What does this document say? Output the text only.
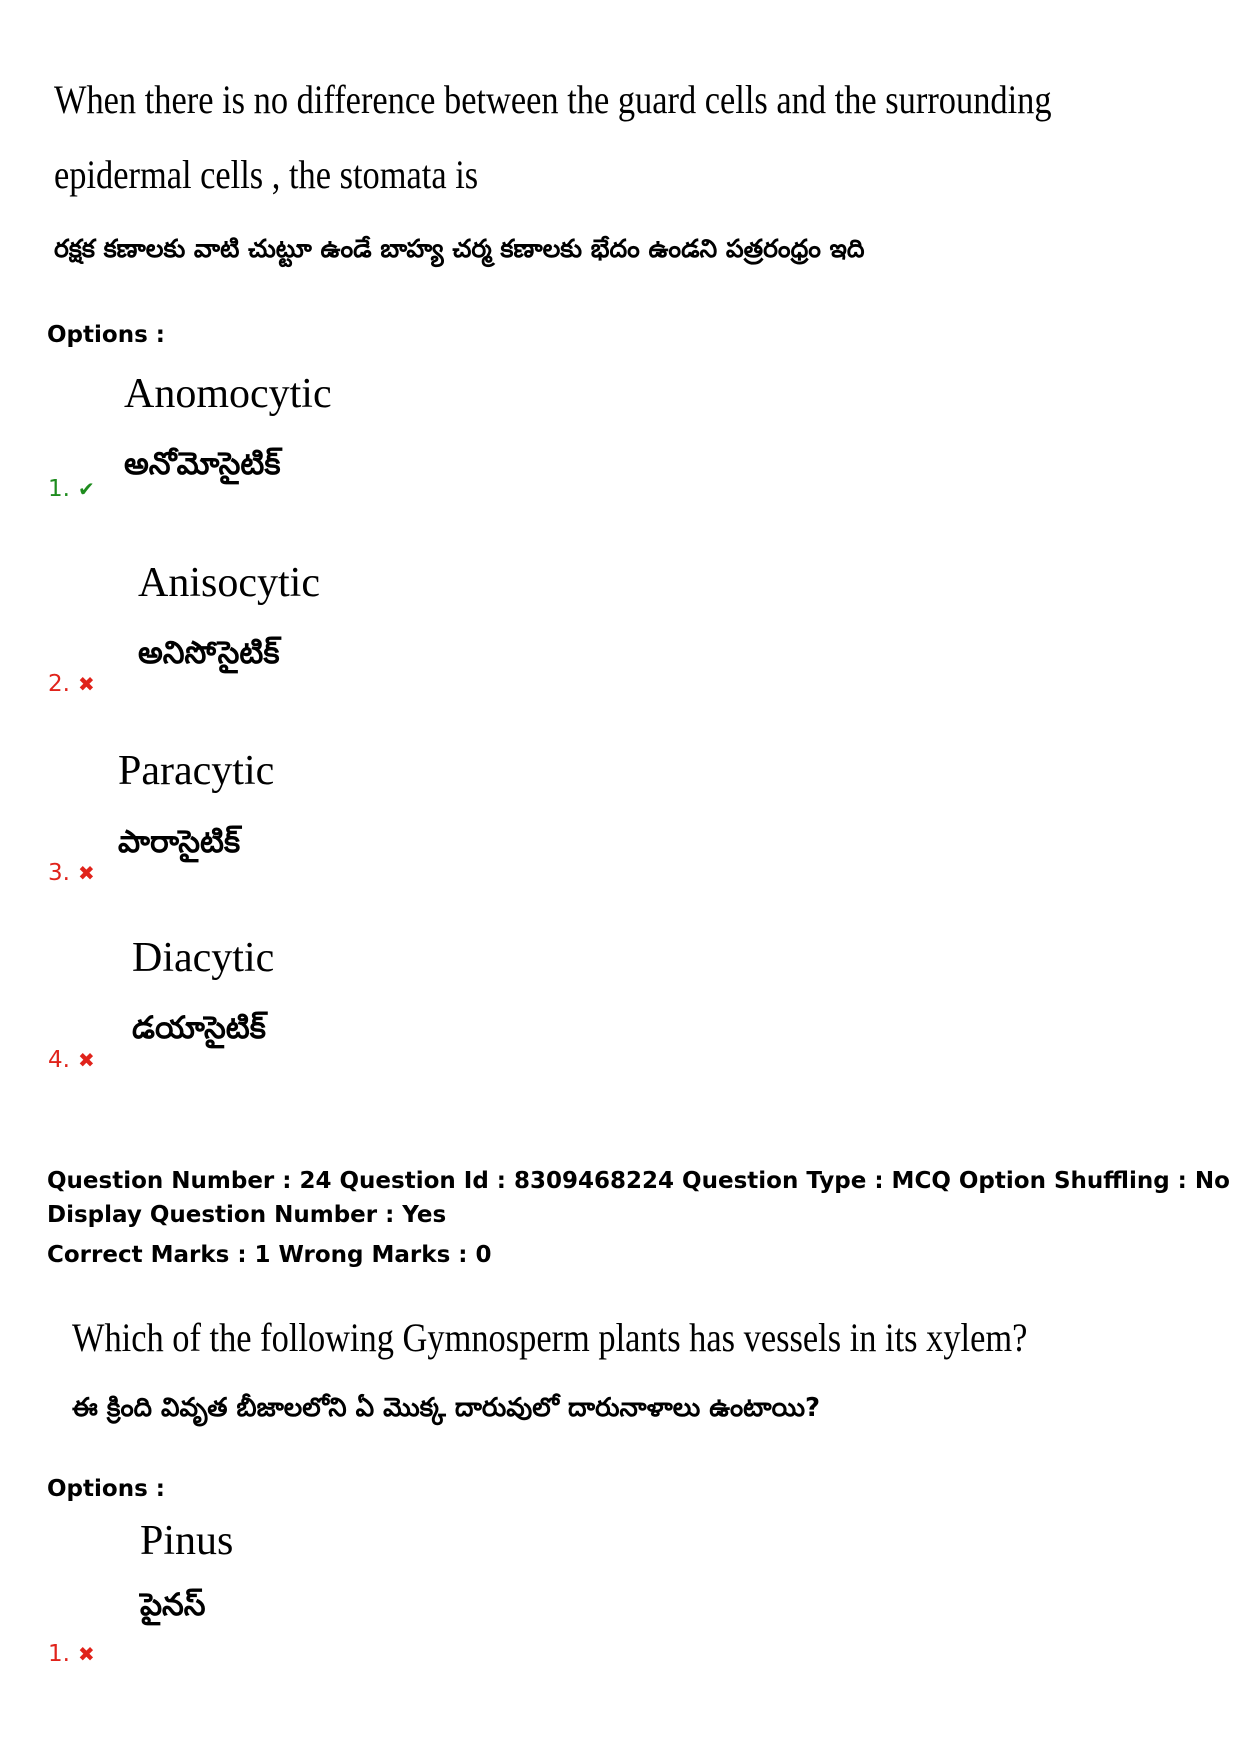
When there is no difference between the guard cells and the surrounding
epidermal cells , the stomata is
రక్షక కణాలకు వాటి చుట్టూ ఉండే బాహ్య చర్మ కణాలకు భేదం ఉండని పత్రరంధ్రం ఇది
Options :
Anomocytic
అనోమోసైటిక్
1. ✔
Anisocytic
అనిసోసైటిక్
2. ✖
Paracytic
పారాసైటిక్
3. ✖
Diacytic
డయాసైటిక్
4. ✖
Question Number : 24 Question Id : 8309468224 Question Type : MCQ Option Shuffling : No
Display Question Number : Yes
Correct Marks : 1 Wrong Marks : 0
Which of the following Gymnosperm plants has vessels in its xylem?
ఈ క్రింది వివృత బీజాలలోని ఏ మొక్క దారువులో దారునాళాలు ఉంటాయి?
Options :
Pinus
పైనస్
1. ✖
